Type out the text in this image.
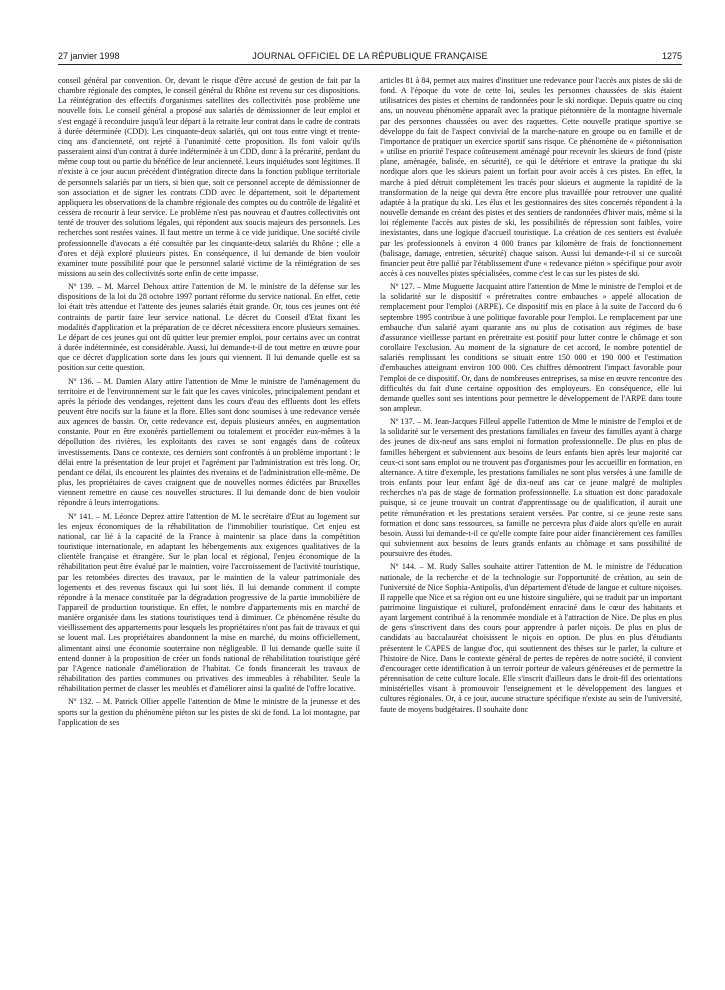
27 janvier 1998	JOURNAL OFFICIEL DE LA RÉPUBLIQUE FRANÇAISE	1275

conseil général par convention. Or, devant le risque d'être accusé de gestion de fait par la chambre régionale des comptes, le conseil général du Rhône est revenu sur ces dispositions. La réintégration des effectifs d'organismes satellites des collectivités pose problème une nouvelle fois. Le conseil général a proposé aux salariés de démissionner de leur emploi et s'est engagé à reconduire jusqu'à leur départ à la retraite leur contrat dans le cadre de contrats à durée déterminée (CDD). Les cinquante-deux salariés, qui ont tous entre vingt et trente-cinq ans d'ancienneté, ont rejeté à l'unanimité cette proposition. Ils font valoir qu'ils passeraient ainsi d'un contrat à durée indéterminée à un CDD, donc à la précarité, perdant du même coup tout ou partie du bénéfice de leur ancienneté. Leurs inquiétudes sont légitimes. Il n'existe à ce jour aucun précédent d'intégration directe dans la fonction publique territoriale de personnels salariés par un tiers, si bien que, soit ce personnel accepte de démissionner de son association et de signer les contrats CDD avec le département, soit le département appliquera les observations de la chambre régionale des comptes ou du contrôle de légalité et cessera de recourir à leur service. Le problème n'est pas nouveau et d'autres collectivités ont tenté de trouver des solutions légales, qui répondent aux soucis majeurs des personnels. Les recherches sont restées vaines. Il faut mettre un terme à ce vide juridique. Une société civile professionnelle d'avocats a été consultée par les cinquante-deux salariés du Rhône ; elle a d'ores et déjà exploré plusieurs pistes. En conséquence, il lui demande de bien vouloir examiner toute possibilité pour que le personnel salarié victime de la réintégration de ses missions au sein des collectivités sorte enfin de cette impasse.

Nº 139. – M. Marcel Dehoux attire l'attention de M. le ministre de la défense sur les dispositions de la loi du 28 octobre 1997 portant réforme du service national. En effet, cette loi était très attendue et l'attente des jeunes salariés était grande. Or, tous ces jeunes ont été contraints de partir faire leur service national. Le décret du Conseil d'Etat fixant les modalités d'application et la préparation de ce décret nécessitera encore plusieurs semaines. Le départ de ces jeunes qui ont dû quitter leur premier emploi, pour certains avec un contrat à durée indéterminée, est considérable. Aussi, lui demande-t-il de tout mettre en œuvre pour que ce décret d'application sorte dans les jours qui viennent. Il lui demande quelle est sa position sur cette question.

Nº 136. – M. Damien Alary attire l'attention de Mme le ministre de l'aménagement du territoire et de l'environnement sur le fait que les caves vinicoles, principalement pendant et après la période des vendanges, rejettent dans les cours d'eau des effluents dont les effets peuvent être nocifs sur la faune et la flore. Elles sont donc soumises à une redevance versée aux agences de bassin. Or, cette redevance est, depuis plusieurs années, en augmentation constante. Pour en être exonérés partiellement ou totalement et procéder eux-mêmes à la dépollution des rivières, les exploitants des caves se sont engagés dans de coûteux investissements. Dans ce contexte, ces derniers sont confrontés à un problème important : le délai entre la présentation de leur projet et l'agrément par l'administration est très long. Or, pendant ce délai, ils encourent les plaintes des riverains et de l'administration elle-même. De plus, les propriétaires de caves craignent que de nouvelles normes édictées par Bruxelles viennent remettre en cause ces nouvelles structures. Il lui demande donc de bien vouloir répondre à leurs interrogations.

Nº 141. – M. Léonce Deprez attire l'attention de M. le secrétaire d'Etat au logement sur les enjeux économiques de la réhabilitation de l'immobilier touristique. Cet enjeu est national, car lié à la capacité de la France à maintenir sa place dans la compétition touristique internationale, en adaptant les hébergements aux exigences qualitatives de la clientèle française et étrangère. Sur le plan local et régional, l'enjeu économique de la réhabilitation peut être évalué par le maintien, voire l'accroissement de l'activité touristique, par les retombées directes des travaux, par le maintien de la valeur patrimoniale des logements et des revenus fiscaux qui lui sont liés. Il lui demande comment il compte répondre à la menace constituée par la dégradation progressive de la partie immobilière de l'appareil de production touristique. En effet, le nombre d'appartements mis en marché de manière organisée dans les stations touristiques tend à diminuer. Ce phénomène résulte du vieillissement des appartements pour lesquels les propriétaires n'ont pas fait de travaux et qui se louent mal. Les propriétaires abandonnent la mise en marché, du moins officiellement, alimentant ainsi une économie souterraine non négligeable. Il lui demande quelle suite il entend donner à la proposition de créer un fonds national de réhabilitation touristique géré par l'Agence nationale d'amélioration de l'habitat. Ce fonds financerait les travaux de réhabilitation des parties communes ou privatives des immeubles à réhabiliter. Seule la réhabilitation permet de classer les meublés et d'améliorer ainsi la qualité de l'offre locative.

Nº 132. – M. Patrick Ollier appelle l'attention de Mme le ministre de la jeunesse et des sports sur la gestion du phénomène piéton sur les pistes de ski de fond. La loi montagne, par l'application de ses

articles 81 à 84, permet aux maires d'instituer une redevance pour l'accès aux pistes de ski de fond. A l'époque du vote de cette loi, seules les personnes chaussées de skis étaient utilisatrices des pistes et chemins de randonnées pour le ski nordique. Depuis quatre ou cinq ans, un nouveau phénomène apparaît avec la pratique piétonnière de la montagne hivernale par des personnes chaussées ou avec des raquettes. Cette nouvelle pratique sportive se développe du fait de l'aspect convivial de la marche-nature en groupe ou en famille et de l'importance de pratiquer un exercice sportif sans risque. Ce phénomène de « piétonnisation » utilise en priorité l'espace coûteusement aménagé pour recevoir les skieurs de fond (piste plane, aménagée, balisée, en sécurité), ce qui le détériore et entrave la pratique du ski nordique alors que les skieurs paient un forfait pour avoir accès à ces pistes. En effet, la marche à pied détruit complètement les tracés pour skieurs et augmente la rapidité de la transformation de la neige qui devra être encore plus travaillée pour retrouver une qualité adaptée à la pratique du ski. Les élus et les gestionnaires des sites concernés répondent à la nouvelle demande en créant des pistes et des sentiers de randonnées d'hiver mais, même si la loi réglemente l'accès aux pistes de ski, les possibilités de répression sont faibles, voire inexistantes, dans une logique d'accueil touristique. La création de ces sentiers est évaluée par les professionnels à environ 4 000 francs par kilomètre de frais de fonctionnement (balisage, damage, entretien, sécurité) chaque saison. Aussi lui demande-t-il si ce surcoût financier peut être pallié par l'établissement d'une « redevance piéton » spécifique pour avoir accès à ces nouvelles pistes spécialisées, comme c'est le cas sur les pistes de ski.

Nº 127. – Mme Muguette Jacquaint attire l'attention de Mme le ministre de l'emploi et de la solidarité sur le dispositif « préretraites contre embauches » appelé allocation de remplacement pour l'emploi (ARPE). Ce dispositif mis en place à la suite de l'accord du 6 septembre 1995 contribue à une politique favorable pour l'emploi. Le remplacement par une embauche d'un salarié ayant quarante ans ou plus de cotisation aux régimes de base d'assurance vieillesse partant en préretraite est positif pour lutter contre le chômage et son corollaire l'exclusion. Au moment de la signature de cet accord, le nombre potentiel de salariés remplissant les conditions se situait entre 150 000 et 190 000 et l'estimation d'embauches atteignant environ 100 000. Ces chiffres démontrent l'impact favorable pour l'emploi de ce dispositif. Or, dans de nombreuses entreprises, sa mise en œuvre rencontre des difficultés du fait d'une certaine opposition des employeurs. En conséquence, elle lui demande quelles sont ses intentions pour permettre le développement de l'ARPE dans toute son ampleur.

Nº 137. – M. Jean-Jacques Filleul appelle l'attention de Mme le ministre de l'emploi et de la solidarité sur le versement des prestations familiales en faveur des familles ayant à charge des jeunes de dix-neuf ans sans emploi ni formation professionnelle. De plus en plus de familles hébergent et subviennent aux besoins de leurs enfants bien après leur majorité car ceux-ci sont sans emploi ou ne trouvent pas d'organismes pour les accueillir en formation, en alternance. A titre d'exemple, les prestations familiales ne sont plus versées à une famille de trois enfants pour leur enfant âgé de dix-neuf ans car ce jeune malgré de multiples recherches n'a pas de stage de formation professionnelle. La situation est donc paradoxale puisque, si ce jeune trouvait un contrat d'apprentissage ou de qualification, il aurait une petite rémunération et les prestations seraient versées. Par contre, si ce jeune reste sans formation et donc sans ressources, sa famille ne percevra plus d'aide alors qu'elle en aurait besoin. Aussi lui demande-t-il ce qu'elle compte faire pour aider financièrement ces familles qui subviennent aux besoins de leurs grands enfants au chômage et sans possibilité de poursuivre des études.

Nº 144. – M. Rudy Salles souhaite attirer l'attention de M. le ministre de l'éducation nationale, de la recherche et de la technologie sur l'opportunité de création, au sein de l'université de Nice Sophia-Antipolis, d'un département d'étude de langue et culture niçoises. Il rappelle que Nice et sa région ont eu une histoire singulière, qui se traduit par un important patrimoine linguistique et culturel, profondément enraciné dans le cœur des habitants et ayant largement contribué à la renommée mondiale et à l'attraction de Nice. De plus en plus de gens s'inscrivent dans des cours pour apprendre à parler niçois. De plus en plus de candidats au baccalauréat choisissent le niçois en option. De plus en plus d'étudiants présentent le CAPES de langue d'oc, qui soutiennent des thèses sur le parler, la culture et l'histoire de Nice. Dans le contexte général de pertes de repères de notre société, il convient d'encourager cette identification à un terroir porteur de valeurs généreuses et de permettre la pérennisation de cette culture locale. Elle s'inscrit d'ailleurs dans le droit-fil des orientations ministérielles visant à promouvoir l'enseignement et le développement des langues et cultures régionales. Or, à ce jour, aucune structure spécifique n'existe au sein de l'université, faute de moyens budgétaires. Il souhaite donc
